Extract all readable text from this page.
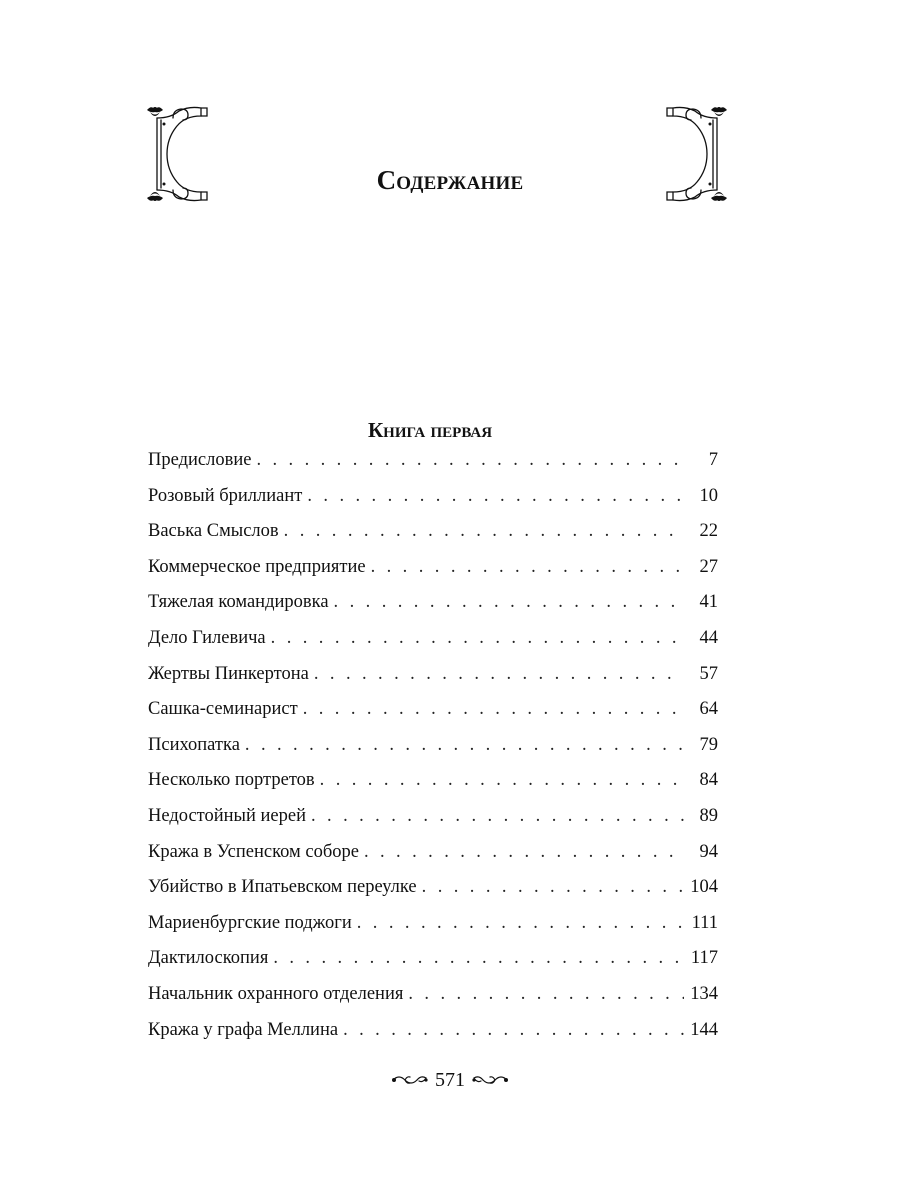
Содержание
Книга первая
Предисловие . . .	7
Розовый бриллиант . . .	10
Васька Смыслов . . .	22
Коммерческое предприятие . . .	27
Тяжелая командировка . . .	41
Дело Гилевича . . .	44
Жертвы Пинкертона . . .	57
Сашка-семинарист . . .	64
Психопатка . . .	79
Несколько портретов . . .	84
Недостойный иерей . . .	89
Кража в Успенском соборе . . .	94
Убийство в Ипатьевском переулке . . .	104
Мариенбургские поджоги . . .	111
Дактилоскопия . . .	117
Начальник охранного отделения . . .	134
Кража у графа Меллина . . .	144
571
